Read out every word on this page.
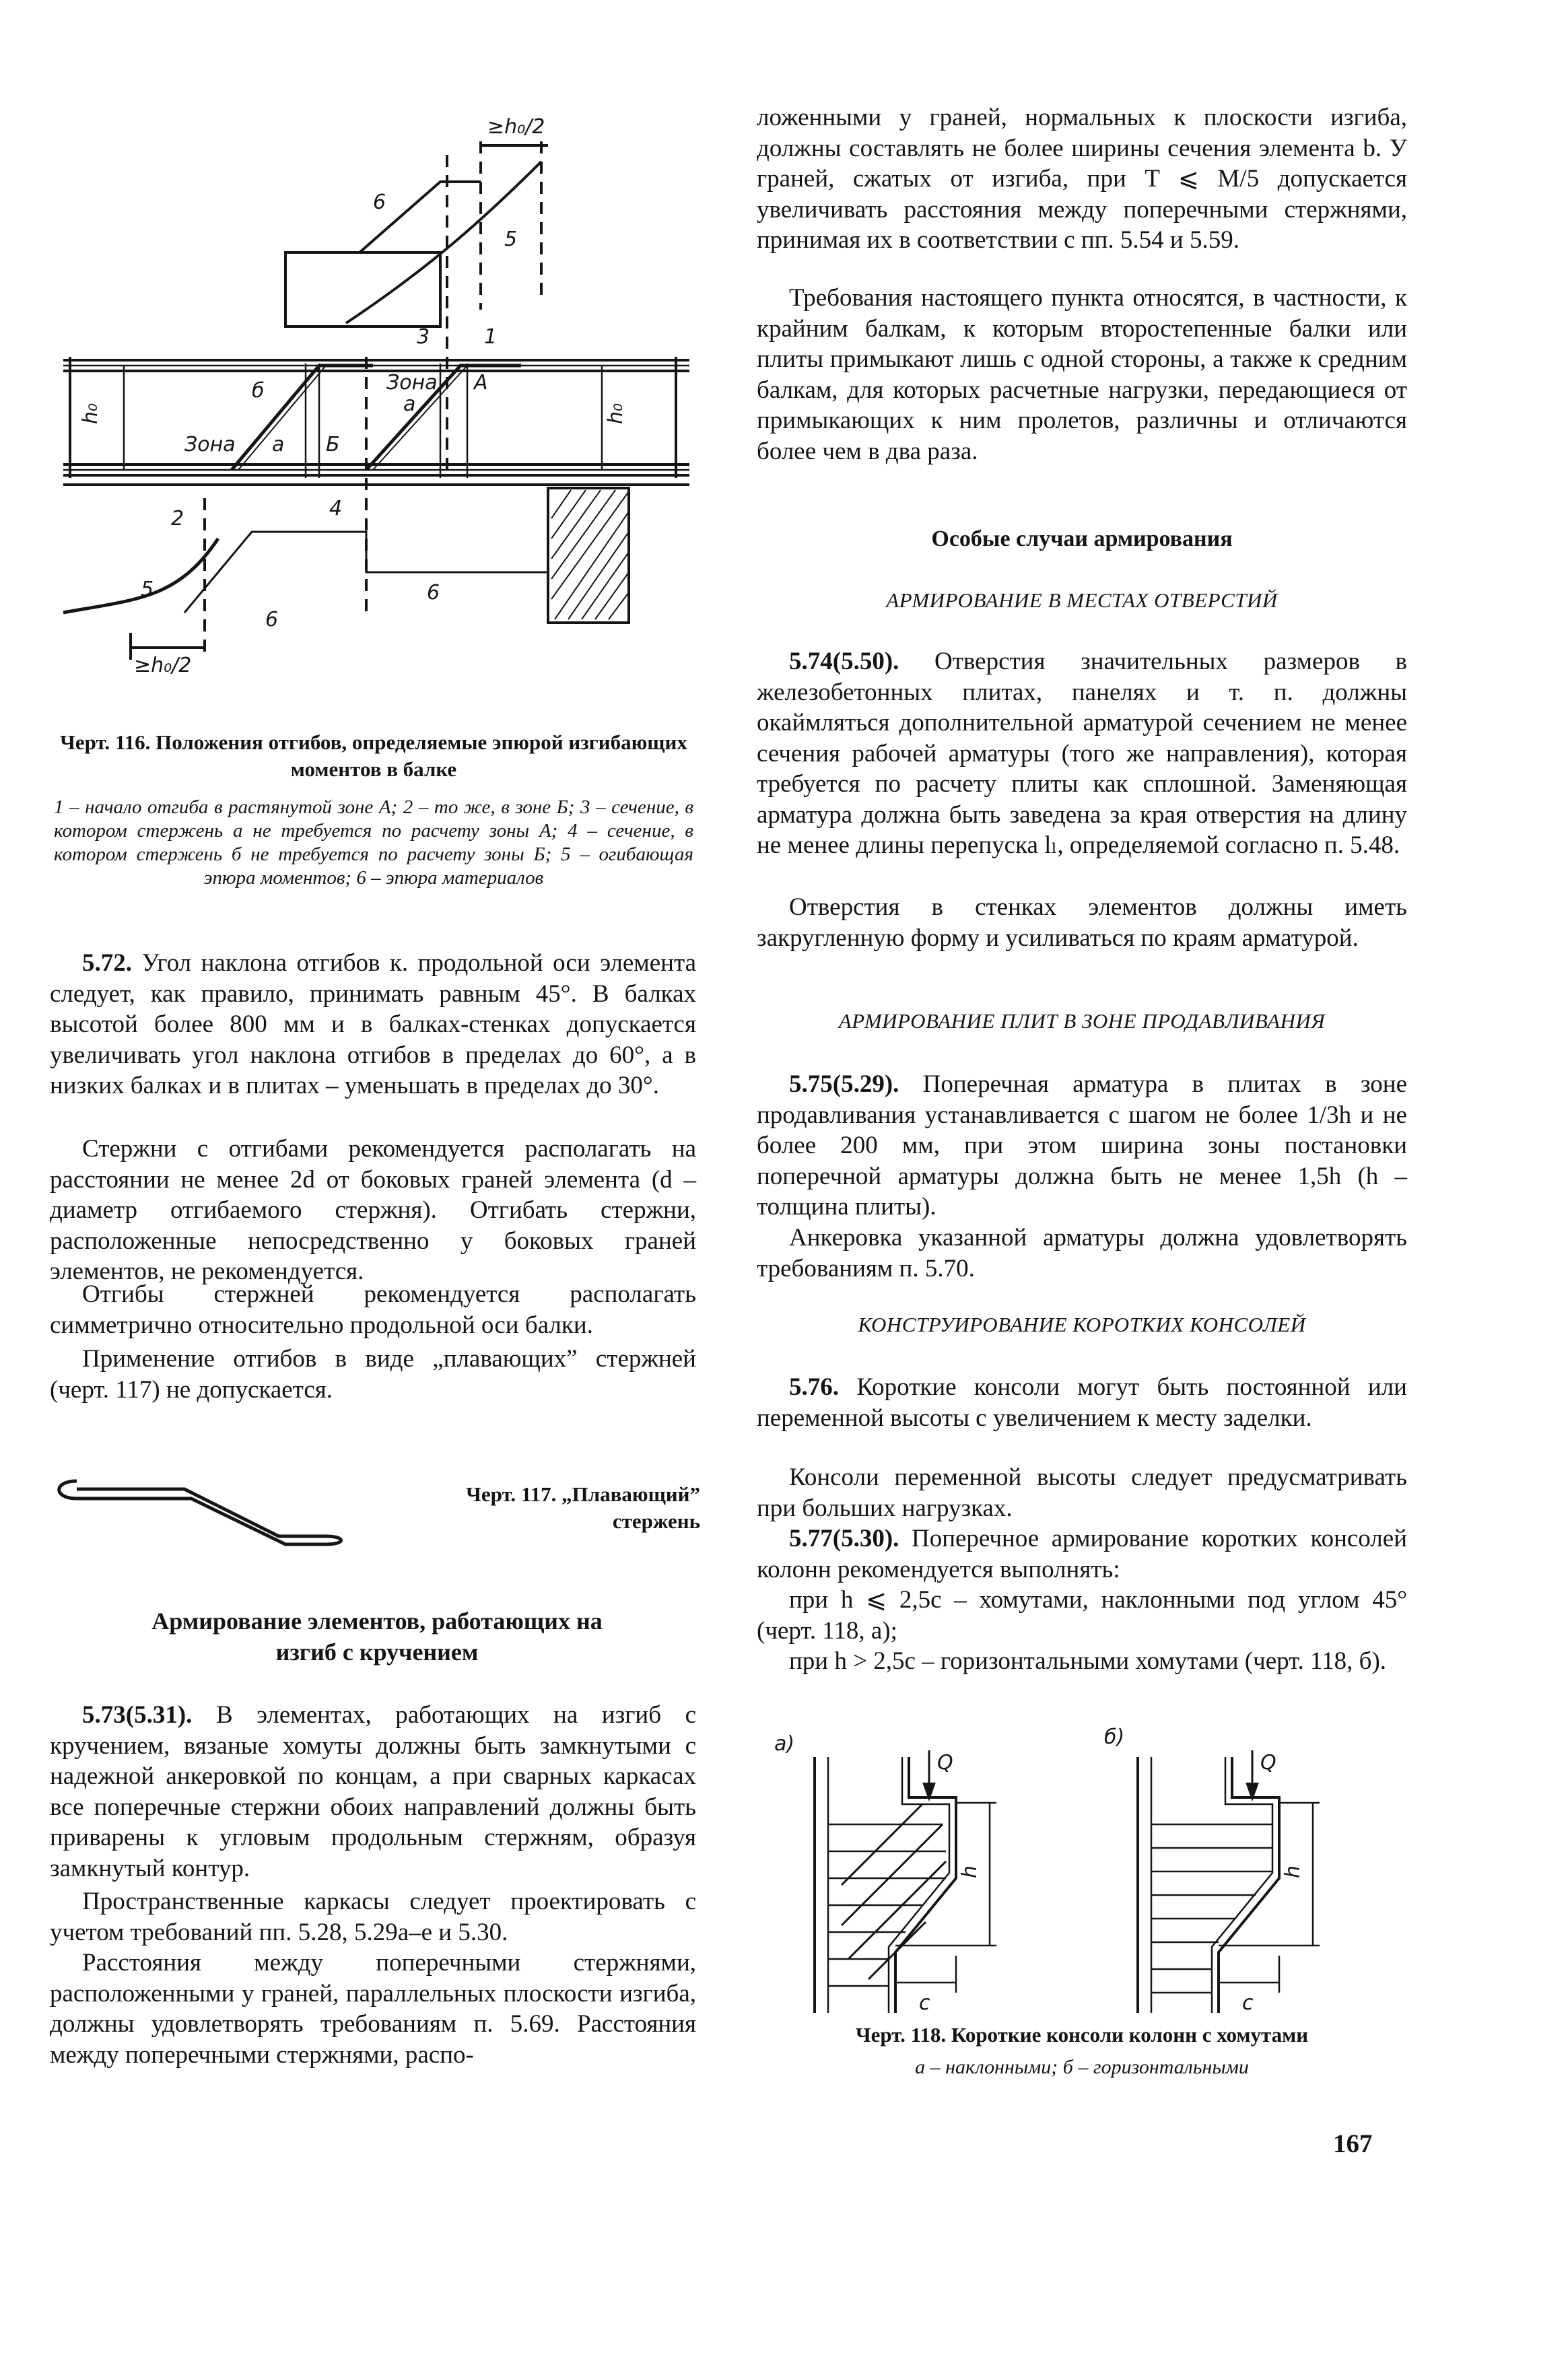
≥h₀/2
≥h₀/2
h₀	h₀
Зона
а
Зона
б
а
А
Б
1
2
3
4
5
5
6
6
6
Черт. 116. Положения отгибов, определяемые эпюрой изгибающих моментов в балке
1 – начало отгиба в растянутой зоне А; 2 – то же, в зоне Б; 3 – сечение, в котором стержень а не требуется по расчету зоны А; 4 – сечение, в котором стержень б не требуется по расчету зоны Б; 5 – огибающая эпюра моментов; 6 – эпюра материалов

5.72. Угол наклона отгибов к. продольной оси элемента следует, как правило, принимать равным 45°. В балках высотой более 800 мм и в балках-стенках допускается увеличивать угол наклона отгибов в пределах до 60°, а в низких балках и в плитах – уменьшать в пределах до 30°.

Стержни с отгибами рекомендуется располагать на расстоянии не менее 2d от боковых граней элемента (d – диаметр отгибаемого стержня). Отгибать стержни, расположенные непосредственно у боковых граней элементов, не рекомендуется.

Отгибы стержней рекомендуется располагать симметрично относительно продольной оси балки.

Применение отгибов в виде „плавающих” стержней (черт. 117) не допускается.

Черт. 117. „Плавающий” стержень
Армирование элементов, работающих на изгиб с кручением

5.73(5.31). В элементах, работающих на изгиб с кручением, вязаные хомуты должны быть замкнутыми с надежной анкеровкой по концам, а при сварных каркасах все поперечные стержни обоих направлений должны быть приварены к угловым продольным стержням, образуя замкнутый контур.

Пространственные каркасы следует проектировать с учетом требований пп. 5.28, 5.29а–е и 5.30.

Расстояния между поперечными стержнями, расположенными у граней, параллельных плоскости изгиба, должны удовлетворять требованиям п. 5.69. Расстояния между поперечными стержнями, распо-

ложенными у граней, нормальных к плоскости изгиба, должны составлять не более ширины сечения элемента b. У граней, сжатых от изгиба, при T ⩽ M/5 допускается увеличивать расстояния между поперечными стержнями, принимая их в соответствии с пп. 5.54 и 5.59.

Требования настоящего пункта относятся, в частности, к крайним балкам, к которым второстепенные балки или плиты примыкают лишь с одной стороны, а также к средним балкам, для которых расчетные нагрузки, передающиеся от примыкающих к ним пролетов, различны и отличаются более чем в два раза.

Особые случаи армирования
АРМИРОВАНИЕ В МЕСТАХ ОТВЕРСТИЙ

5.74(5.50). Отверстия значительных размеров в железобетонных плитах, панелях и т. п. должны окаймляться дополнительной арматурой сечением не менее сечения рабочей арматуры (того же направления), которая требуется по расчету плиты как сплошной. Заменяющая арматура должна быть заведена за края отверстия на длину не менее длины перепуска lₗ, определяемой согласно п. 5.48.

Отверстия в стенках элементов должны иметь закругленную форму и усиливаться по краям арматурой.

АРМИРОВАНИЕ ПЛИТ В ЗОНЕ ПРОДАВЛИВАНИЯ

5.75(5.29). Поперечная арматура в плитах в зоне продавливания устанавливается с шагом не более 1/3h и не более 200 мм, при этом ширина зоны постановки поперечной арматуры должна быть не менее 1,5h (h – толщина плиты).

Анкеровка указанной арматуры должна удовлетворять требованиям п. 5.70.

КОНСТРУИРОВАНИЕ КОРОТКИХ КОНСОЛЕЙ

5.76. Короткие консоли могут быть постоянной или переменной высоты с увеличением к месту заделки.

Консоли переменной высоты следует предусматривать при больших нагрузках.

5.77(5.30). Поперечное армирование коротких консолей колонн рекомендуется выполнять:

при h ⩽ 2,5c – хомутами, наклонными под углом 45° (черт. 118, а);

при h > 2,5c – горизонтальными хомутами (черт. 118, б).

а)	б)
Q	Q
h	h
c	c
Черт. 118. Короткие консоли колонн с хомутами
а – наклонными; б – горизонтальными
167
